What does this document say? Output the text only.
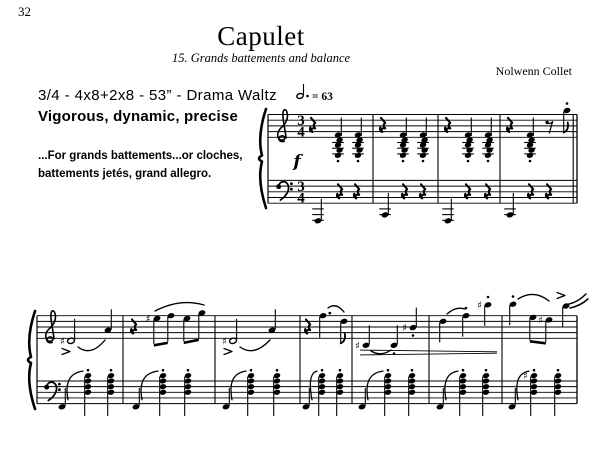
32
Capulet
15. Grands battements and balance
Nolwenn Collet
3/4 - 4x8+2x8 - 53” - Drama Waltz
Vigorous, dynamic, precise
...For grands battements...or cloches,
battements jetés, grand allegro.
3
4
3
4
f
♯
♯
♯	♯
♯
♯
♯
♯
= 63
